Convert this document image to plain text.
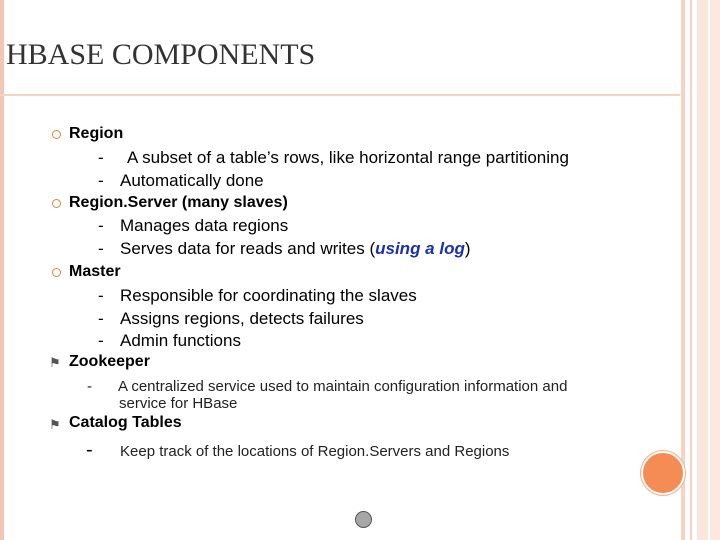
HBASE COMPONENTS
Region
- A subset of a table’s rows, like horizontal range partitioning
- Automatically done
Region.Server (many slaves)
- Manages data regions
- Serves data for reads and writes (using a log)
Master
- Responsible for coordinating the slaves
- Assigns regions, detects failures
- Admin functions
⚑ Zookeeper
- A centralized service used to maintain configuration information and
service for HBase
⚑ Catalog Tables
- Keep track of the locations of Region.Servers and Regions
